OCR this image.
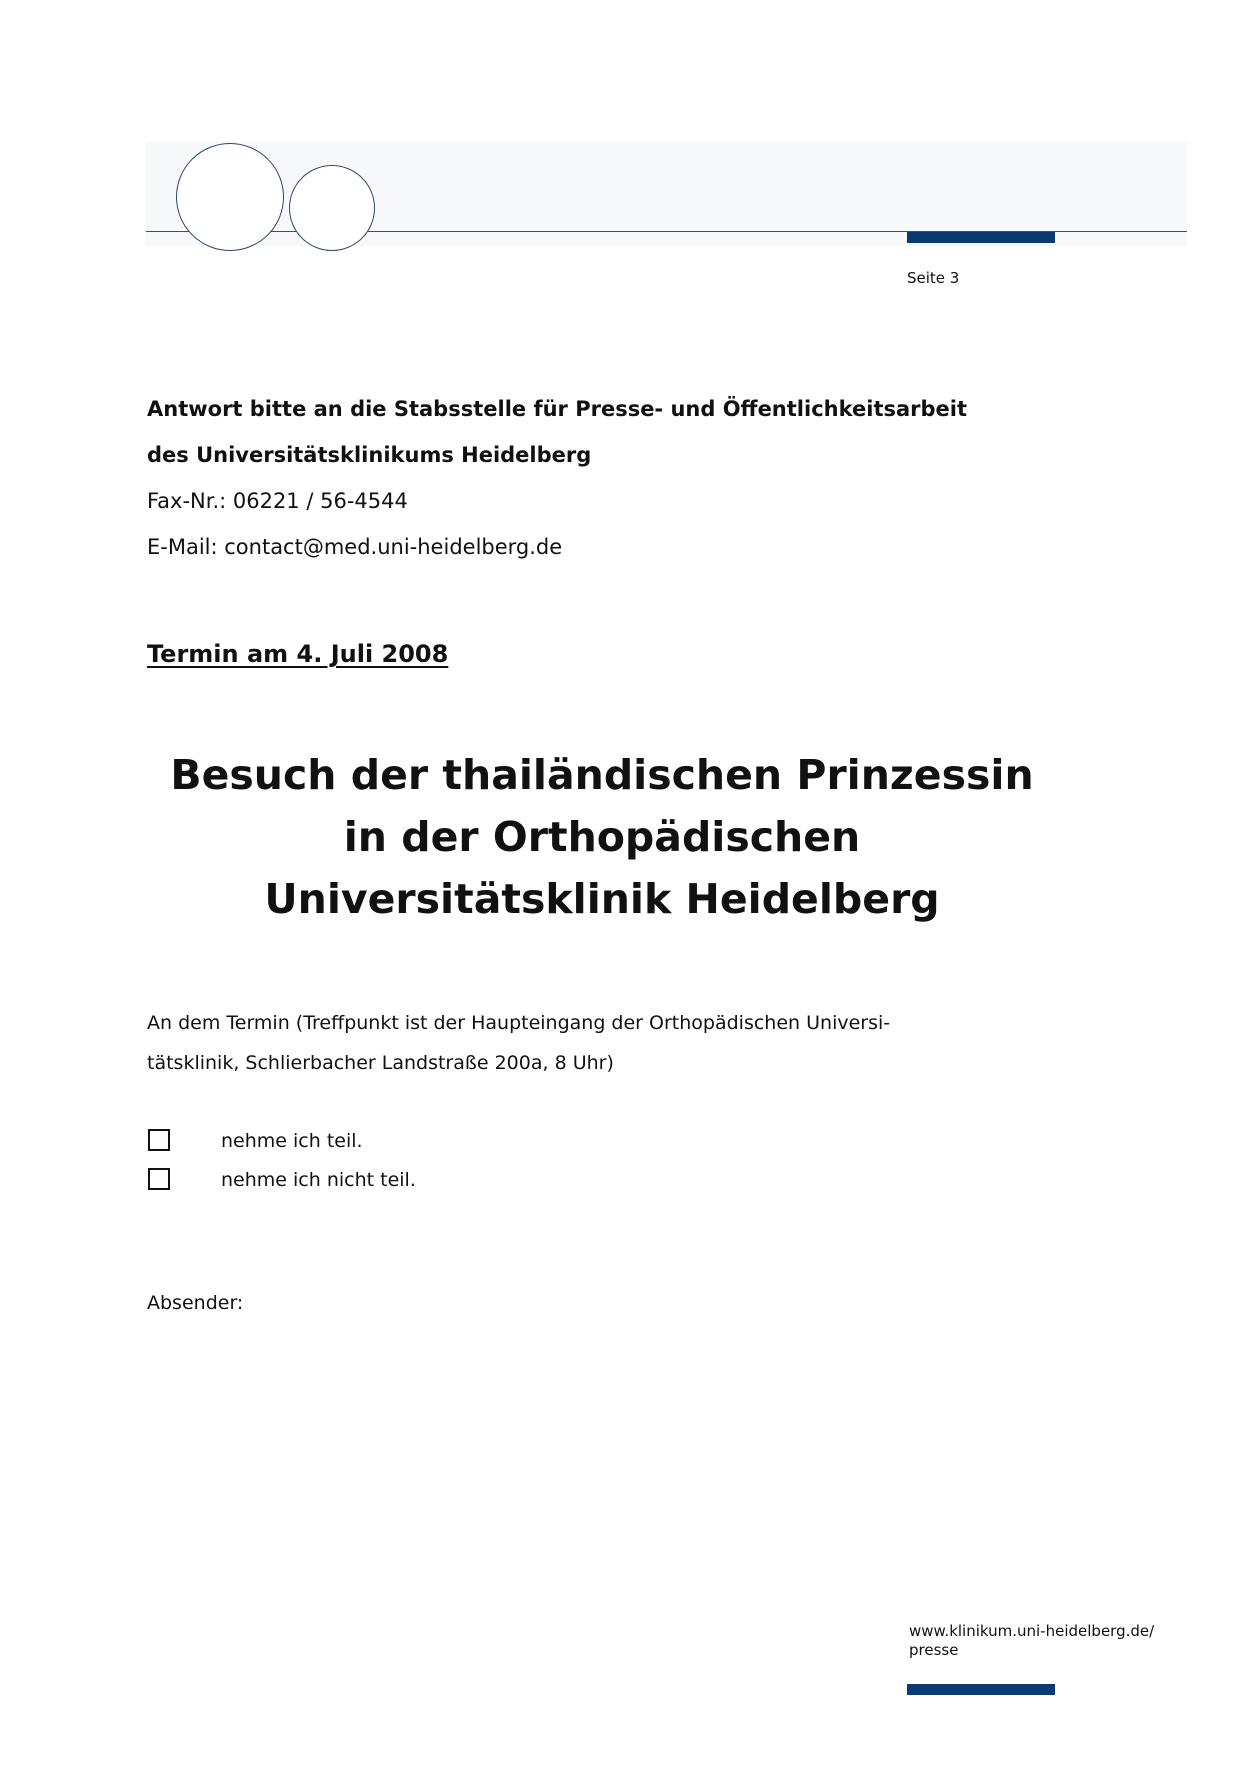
Seite 3
Antwort bitte an die Stabsstelle für Presse- und Öffentlichkeitsarbeit
des Universitätsklinikums Heidelberg
Fax-Nr.: 06221 / 56-4544
E-Mail: contact@med.uni-heidelberg.de
Termin am 4. Juli 2008
Besuch der thailändischen Prinzessin
in der Orthopädischen
Universitätsklinik Heidelberg
An dem Termin (Treffpunkt ist der Haupteingang der Orthopädischen Universi-
tätsklinik, Schlierbacher Landstraße 200a, 8 Uhr)
nehme ich teil.
nehme ich nicht teil.
Absender:
www.klinikum.uni-heidelberg.de/
presse
